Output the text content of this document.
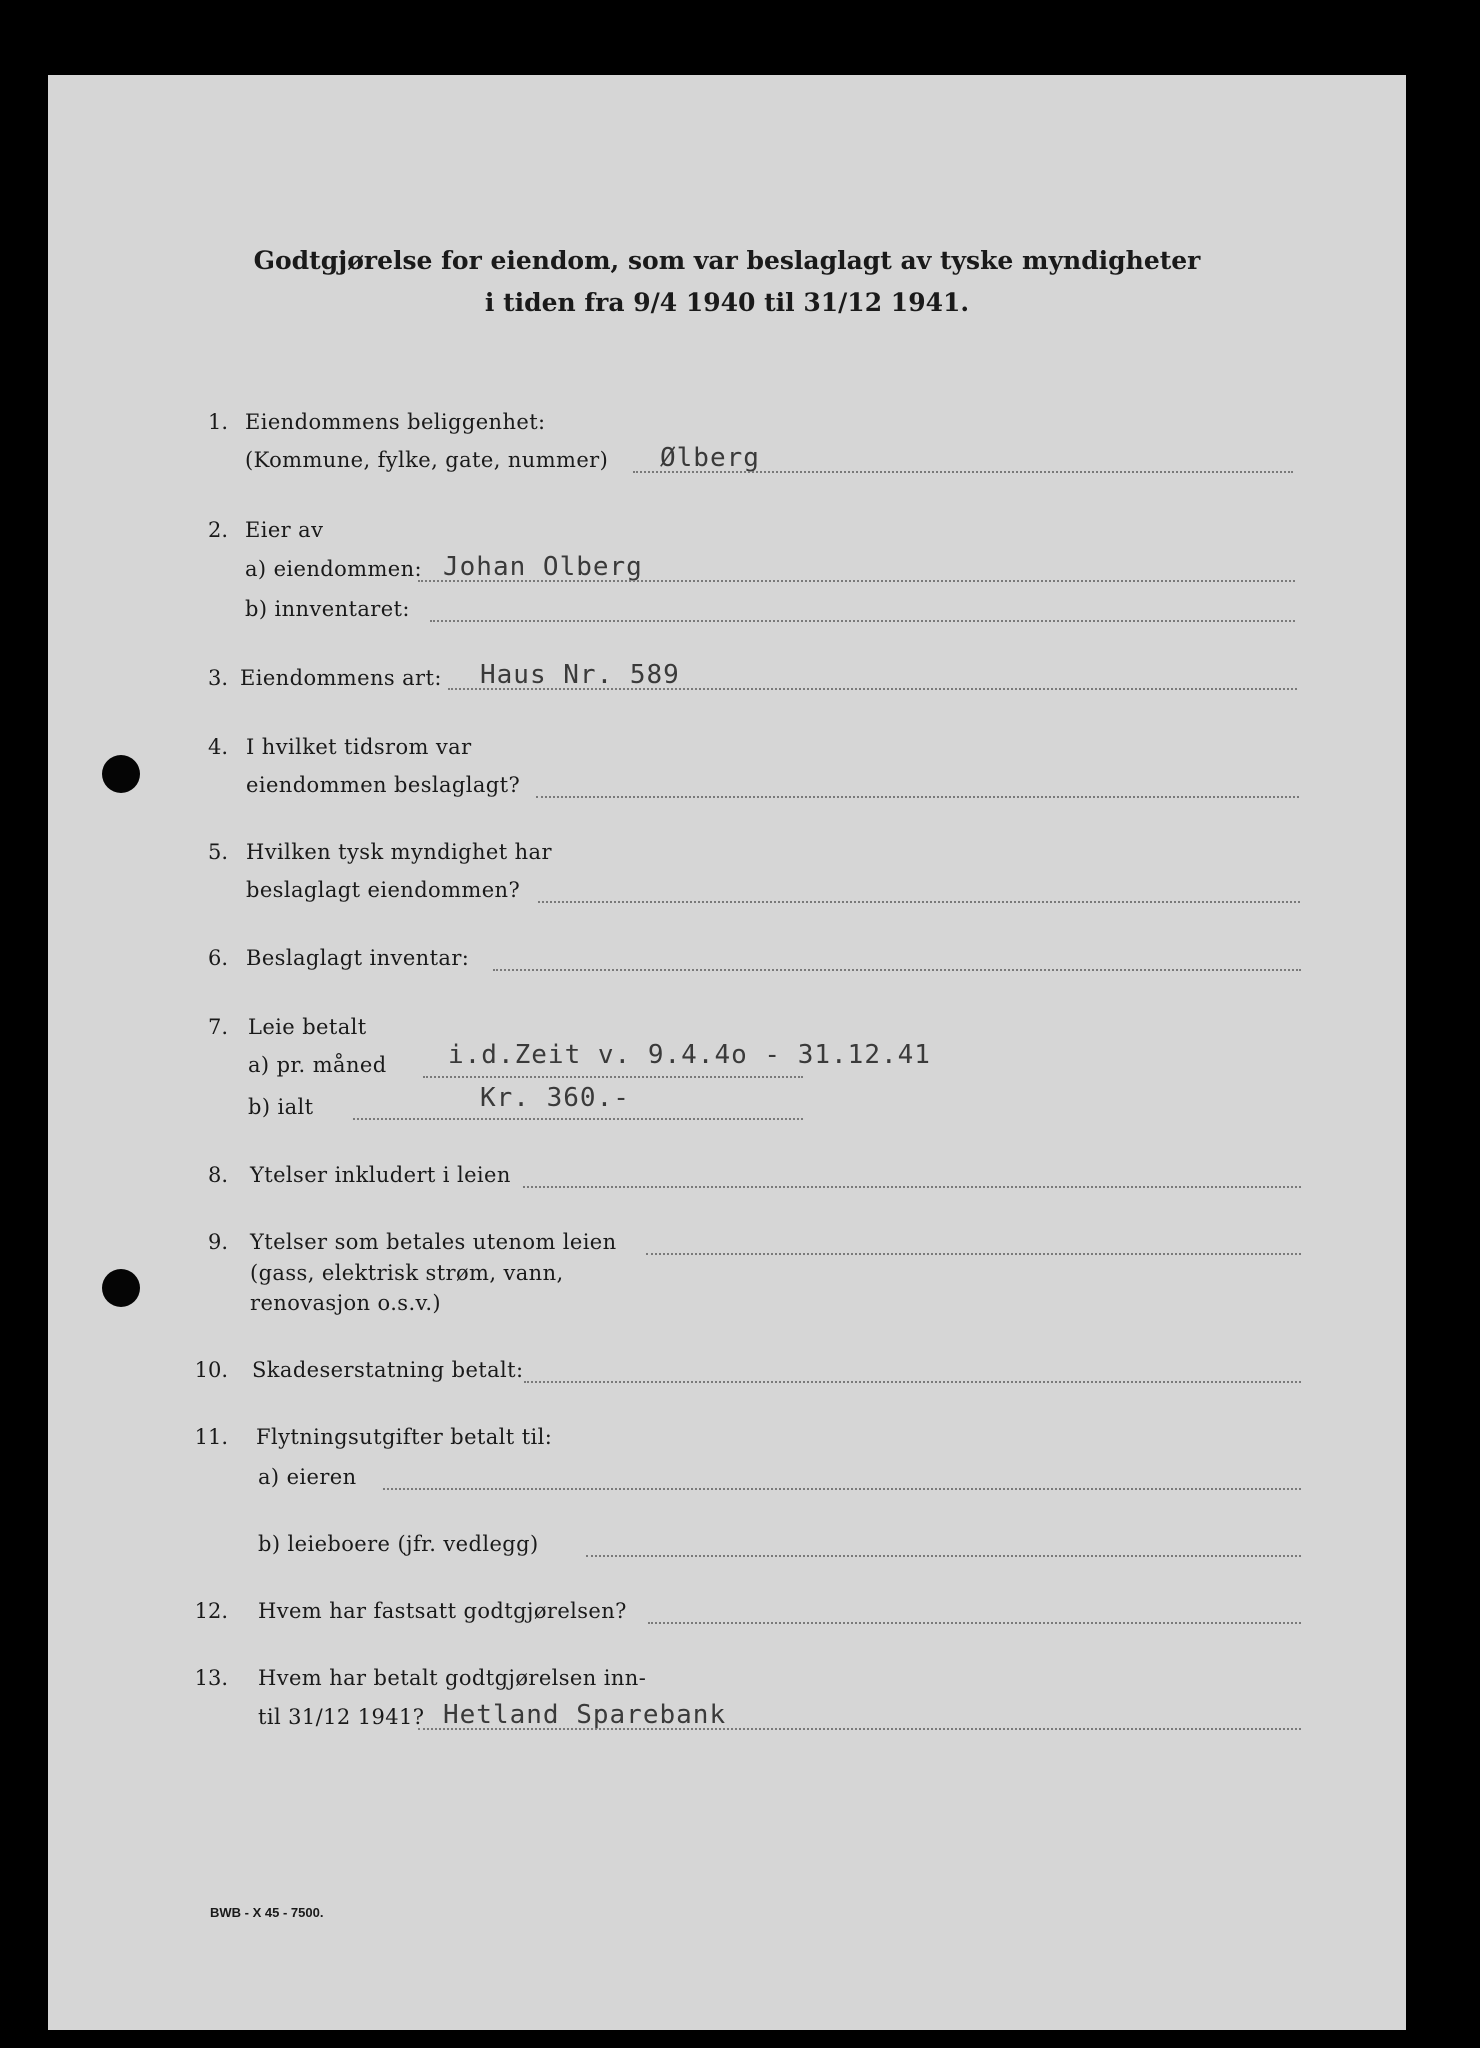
Godtgjørelse for eiendom, som var beslaglagt av tyske myndigheter
i tiden fra 9/4 1940 til 31/12 1941.
1. Eiendommens beliggenhet:
(Kommune, fylke, gate, nummer) Ølberg
2. Eier av
a) eiendommen: Johan Olberg
b) innventaret:
3. Eiendommens art: Haus Nr. 589
4. I hvilket tidsrom var
eiendommen beslaglagt?
5. Hvilken tysk myndighet har
beslaglagt eiendommen?
6. Beslaglagt inventar:
7. Leie betalt
a) pr. måned i.d.Zeit v. 9.4.4o - 31.12.41
b) ialt	Kr. 360.-
8. Ytelser inkludert i leien
9. Ytelser som betales utenom leien
(gass, elektrisk strøm, vann,
renovasjon o.s.v.)
10. Skadeserstatning betalt:
11. Flytningsutgifter betalt til:
a) eieren
b) leieboere (jfr. vedlegg)
12. Hvem har fastsatt godtgjørelsen?
13. Hvem har betalt godtgjørelsen inn-
til 31/12 1941? Hetland Sparebank
BWB - X 45 - 7500.
